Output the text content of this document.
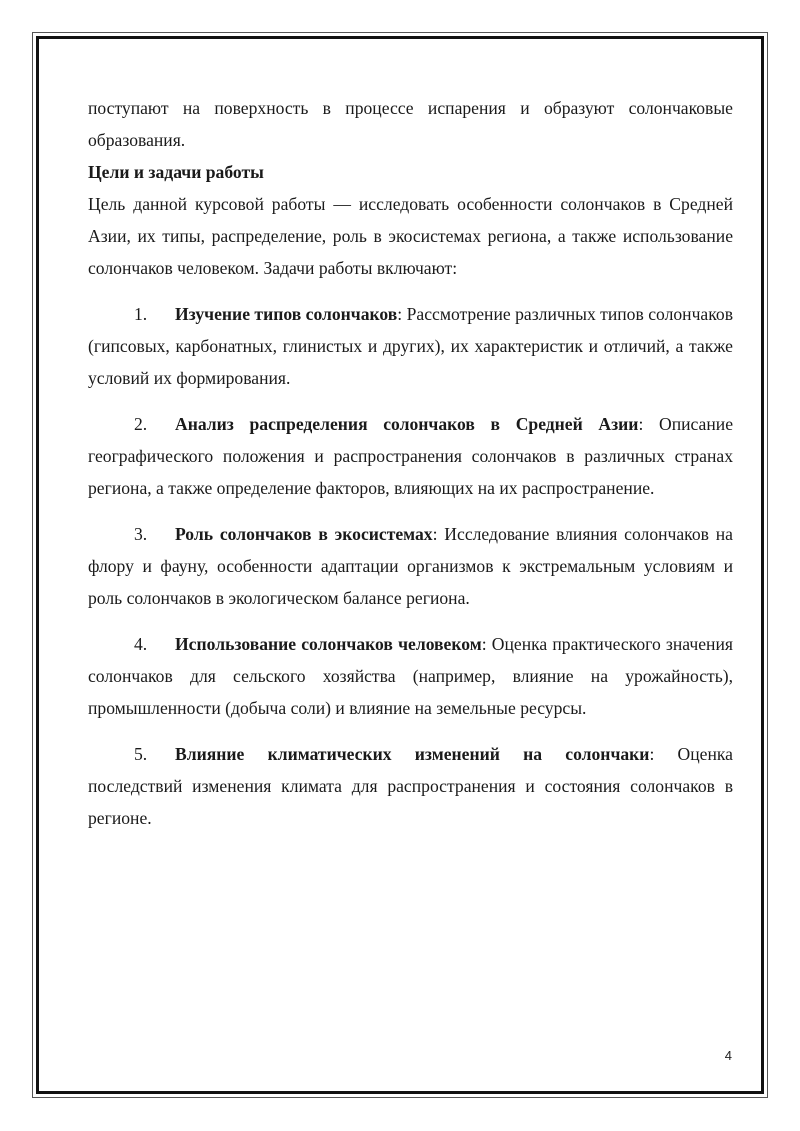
поступают на поверхность в процессе испарения и образуют солончаковые образования.

Цели и задачи работы

Цель данной курсовой работы — исследовать особенности солончаков в Средней Азии, их типы, распределение, роль в экосистемах региона, а также использование солончаков человеком. Задачи работы включают:

1. Изучение типов солончаков: Рассмотрение различных типов солончаков (гипсовых, карбонатных, глинистых и других), их характеристик и отличий, а также условий их формирования.

2. Анализ распределения солончаков в Средней Азии: Описание географического положения и распространения солончаков в различных странах региона, а также определение факторов, влияющих на их распространение.

3. Роль солончаков в экосистемах: Исследование влияния солончаков на флору и фауну, особенности адаптации организмов к экстремальным условиям и роль солончаков в экологическом балансе региона.

4. Использование солончаков человеком: Оценка практического значения солончаков для сельского хозяйства (например, влияние на урожайность), промышленности (добыча соли) и влияние на земельные ресурсы.

5. Влияние климатических изменений на солончаки: Оценка последствий изменения климата для распространения и состояния солончаков в регионе.

4
